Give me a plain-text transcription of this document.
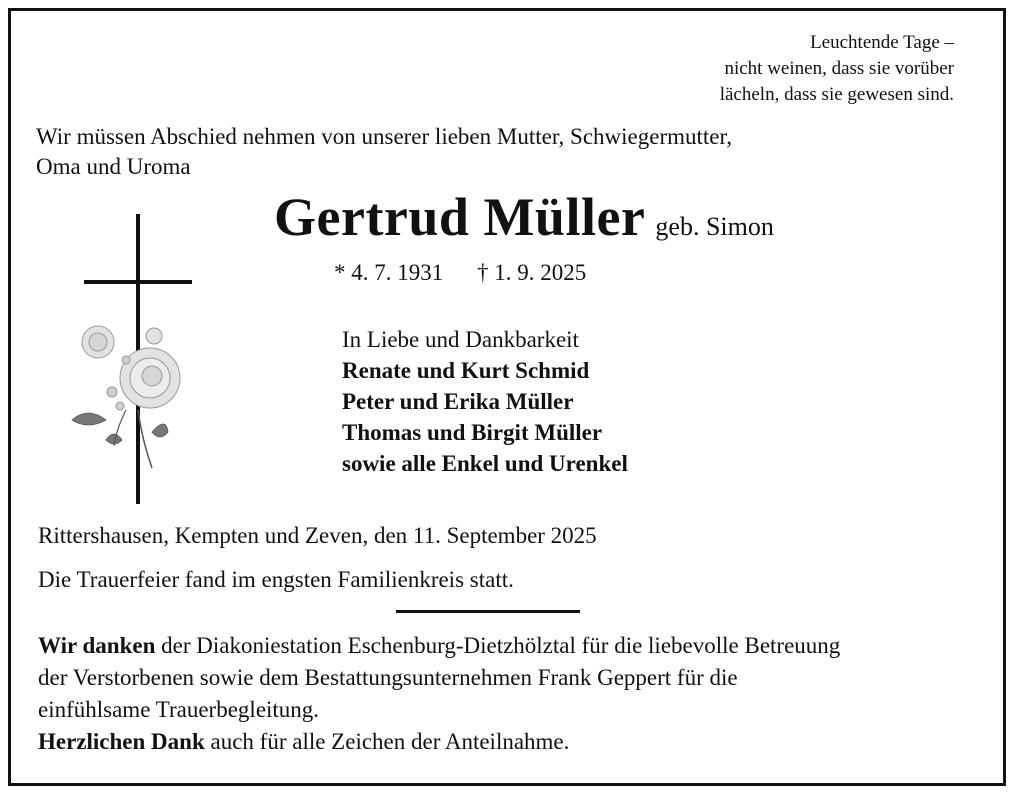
Leuchtende Tage –
nicht weinen, dass sie vorüber
lächeln, dass sie gewesen sind.
Wir müssen Abschied nehmen von unserer lieben Mutter, Schwiegermutter,
Oma und Uroma
Gertrud Müller geb. Simon
* 4. 7. 1931 † 1. 9. 2025
In Liebe und Dankbarkeit
Renate und Kurt Schmid
Peter und Erika Müller
Thomas und Birgit Müller
sowie alle Enkel und Urenkel
Rittershausen, Kempten und Zeven, den 11. September 2025
Die Trauerfeier fand im engsten Familienkreis statt.
Wir danken der Diakoniestation Eschenburg-Dietzhölztal für die liebevolle Betreuung
der Verstorbenen sowie dem Bestattungsunternehmen Frank Geppert für die
einfühlsame Trauerbegleitung.
Herzlichen Dank auch für alle Zeichen der Anteilnahme.
